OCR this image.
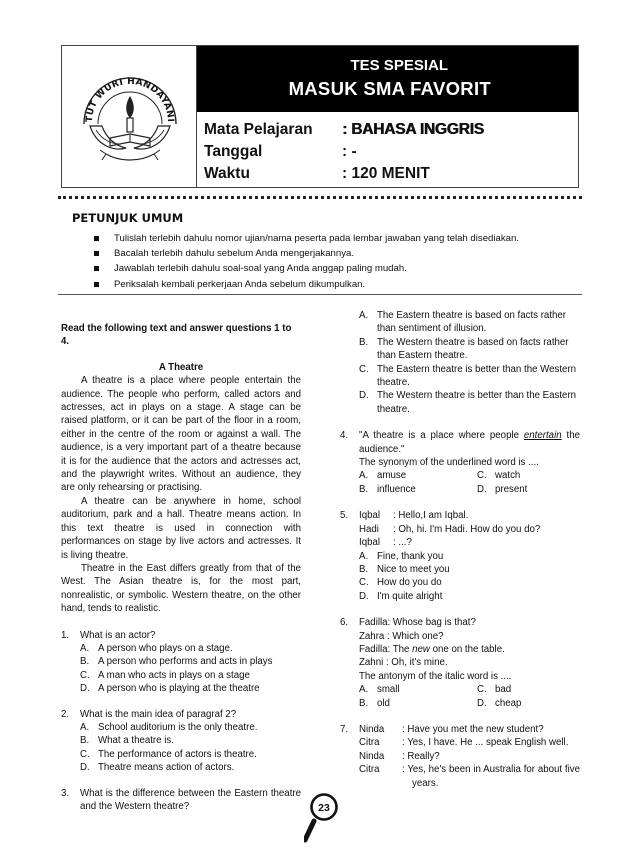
TUT WURI HANDAYANI
TES SPESIAL
MASUK SMA FAVORIT
Mata Pelajaran : BAHASA INGGRIS
Tanggal	: -
Waktu	: 120 MENIT
PETUNJUK UMUM
Tulislah terlebih dahulu nomor ujian/nama peserta pada lembar jawaban yang telah disediakan.
Bacalah terlebih dahulu sebelum Anda mengerjakannya.
Jawablah terlebih dahulu soal-soal yang Anda anggap paling mudah.
Periksalah kembali perkerjaan Anda sebelum dikumpulkan.

Read the following text and answer questions 1 to 4.

A Theatre

A theatre is a place where people entertain the audience. The people who perform, called actors and actresses, act in plays on a stage. A stage can be raised platform, or it can be part of the floor in a room, either in the centre of the room or against a wall. The audience, is a very important part of a theatre because it is for the audience that the actors and actresses act, and the playwright writes. Without an audience, they are only rehearsing or practising.

A theatre can be anywhere in home, school auditorium, park and a hall. Theatre means action. In this text theatre is used in connection with performances on stage by live actors and actresses. It is living theatre.

Theatre in the East differs greatly from that of the West. The Asian theatre is, for the most part, nonrealistic, or symbolic. Western theatre, on the other hand, tends to realistic.

1. What is an actor?
A. A person who plays on a stage.
B. A person who performs and acts in plays
C. A man who acts in plays on a stage
D. A person who is playing at the theatre
2. What is the main idea of paragraf 2?
A. School auditorium is the only theatre.
B. What a theatre is.
C. The performance of actors is theatre.
D. Theatre means action of actors.
3. What is the difference between the Eastern theatre and the Western theatre?
A. The Eastern theatre is based on facts rather than sentiment of illusion.
B. The Western theatre is based on facts rather than Eastern theatre.
C. The Eastern theatre is better than the Western theatre.
D. The Western theatre is better than the Eastern theatre.
4. "A theatre is a place where people entertain the audience."
The synonym of the underlined word is ....
A. amuse	C. watch
B. influence	D. present
5. Iqbal	: Hello,I am Iqbal.
Hadi	: Oh, hi. I'm Hadi. How do you do?
Iqbal	: ...?
A. Fine, thank you
B. Nice to meet you
C. How do you do
D. I'm quite alright
6. Fadilla: Whose bag is that?
Zahra : Which one?
Fadilla: The new one on the table.
Zahni : Oh, it's mine.
The antonym of the italic word is ....
A. small	C. bad
B. old	D. cheap
7. Ninda	: Have you met the new student?
Citra	: Yes, I have. He ... speak English well.
Ninda	: Really?
Citra	: Yes, he's been in Australia for about five years.
23
